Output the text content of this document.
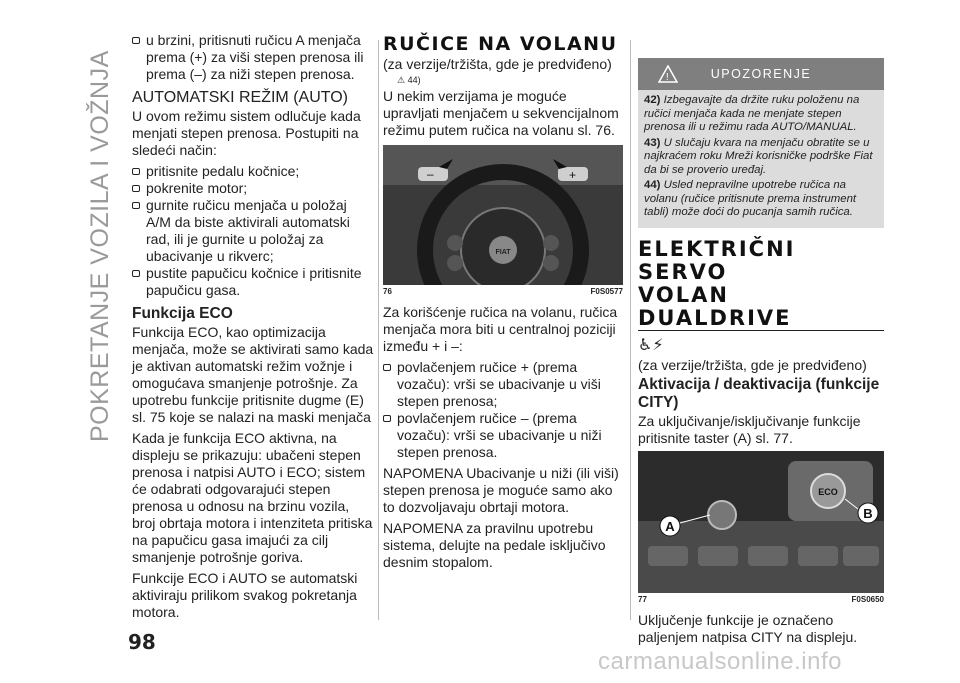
POKRETANJE VOZILA I VOŽNJA
u brzini, pritisnuti ručicu A menjača prema (+) za viši stepen prenosa ili prema (–) za niži stepen prenosa.
AUTOMATSKI REŽIM (AUTO)

U ovom režimu sistem odlučuje kada menjati stepen prenosa. Postupiti na sledeći način:

pritisnite pedalu kočnice;
pokrenite motor;
gurnite ručicu menjača u položaj A/M da biste aktivirali automatski rad, ili je gurnite u položaj za ubacivanje u rikverc;
pustite papučicu kočnice i pritisnite papučicu gasa.
Funkcija ECO

Funkcija ECO, kao optimizacija menjača, može se aktivirati samo kada je aktivan automatski režim vožnje i omogućava smanjenje potrošnje. Za upotrebu funkcije pritisnite dugme (E) sl. 75 koje se nalazi na maski menjača

Kada je funkcija ECO aktivna, na displeju se prikazuju: ubačeni stepen prenosa i natpisi AUTO i ECO; sistem će odabrati odgovarajući stepen prenosa u odnosu na brzinu vozila, broj obrtaja motora i intenziteta pritiska na papučicu gasa imajući za cilj smanjenje potrošnje goriva.

Funkcije ECO i AUTO se automatski aktiviraju prilikom svakog pokretanja motora.

RUČICE NA VOLANU
(za verzije/tržišta, gde je predviđeno)
⚠ 44)

U nekim verzijama je moguće upravljati menjačem u sekvencijalnom režimu putem ručica na volanu sl. 76.

FIAT
–	+
76	F0S0577

Za korišćenje ručica na volanu, ručica menjača mora biti u centralnoj poziciji između + i –:

povlačenjem ručice + (prema vozaču): vrši se ubacivanje u viši stepen prenosa;
povlačenjem ručice – (prema vozaču): vrši se ubacivanje u niži stepen prenosa.

NAPOMENA Ubacivanje u niži (ili viši) stepen prenosa je moguće samo ako to dozvoljavaju obrtaji motora.

NAPOMENA za pravilnu upotrebu sistema, delujte na pedale isključivo desnim stopalom.

!	UPOZORENJE

42) Izbegavajte da držite ruku položenu na ručici menjača kada ne menjate stepen prenosa ili u režimu rada AUTO/MANUAL.

43) U slučaju kvara na menjaču obratite se u najkraćem roku Mreži korisničke podrške Fiat da bi se proverio uređaj.

44) Usled nepravilne upotrebe ručica na volanu (ručice pritisnute prema instrument tabli) može doći do pucanja samih ručica.

ELEKTRIČNI SERVO
VOLAN DUALDRIVE
♿⚡
(za verzije/tržišta, gde je predviđeno)
Aktivacija / deaktivacija (funkcije CITY)

Za uključivanje/isključivanje funkcije pritisnite taster (A) sl. 77.

ECO
A
B
77	F0S0650

Uključenje funkcije je označeno paljenjem natpisa CITY na displeju.

98
carmanualsonline.info
